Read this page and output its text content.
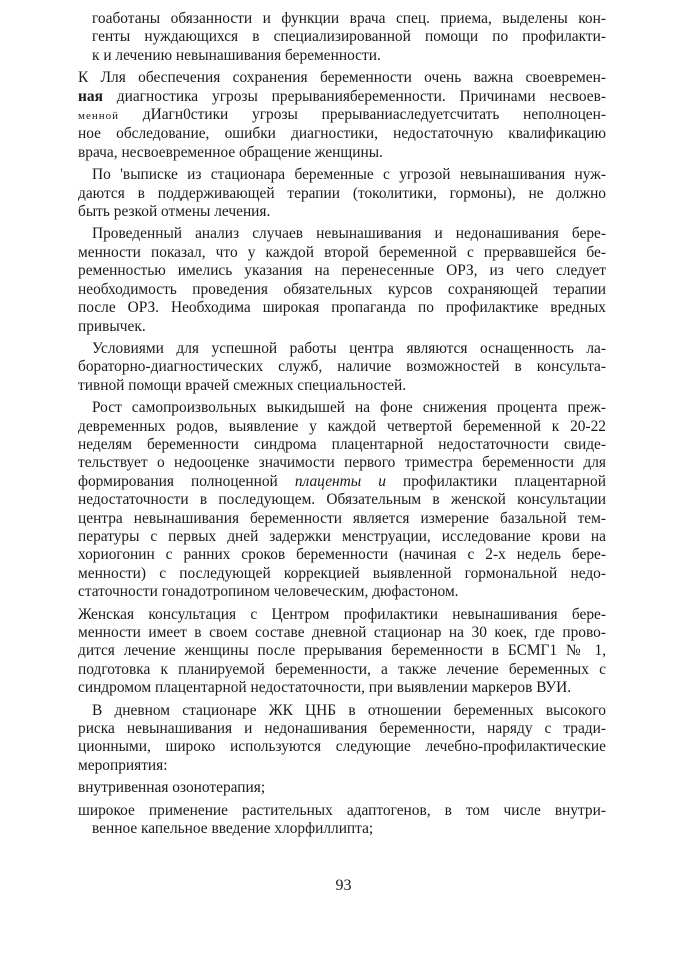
гоаботаны обязанности и функции врача спец. приема, выделены кон-
генты нуждающихся в специализированной помощи по профилакти-
к и лечению невынашивания беременности.
К Лля обеспечения сохранения беременности очень важна своевремен-
ная диагностика угрозы прерываниябеременности. Причинами несвоев-
менной дИагн0стики угрозы прерываниаследуетсчитать неполноцен-
ное обследование, ошибки диагностики, недостаточную квалификацию
врача, несвоевременное обращение женщины.
По 'выписке из стационара беременные с угрозой невынашивания нуж-
даются в поддерживающей терапии (токолитики, гормоны), не должно
быть резкой отмены лечения.
Проведенный анализ случаев невынашивания и недонашивания бере-
менности показал, что у каждой второй беременной с прервавшейся бе-
ременностью имелись указания на перенесенные ОРЗ, из чего следует
необходимость проведения обязательных курсов сохраняющей терапии
после ОРЗ. Необходима широкая пропаганда по профилактике вредных
привычек.
Условиями для успешной работы центра являются оснащенность ла-
бораторно-диагностических служб, наличие возможностей в консульта-
тивной помощи врачей смежных специальностей.
Рост самопроизвольных выкидышей на фоне снижения процента преж-
девременных родов, выявление у каждой четвертой беременной к 20-22
неделям беременности синдрома плацентарной недостаточности свиде-
тельствует о недооценке значимости первого триместра беременности для
формирования полноценной плаценты и профилактики плацентарной
недостаточности в последующем. Обязательным в женской консультации
центра невынашивания беременности является измерение базальной тем-
пературы с первых дней задержки менструации, исследование крови на
хориогонин с ранних сроков беременности (начиная с 2-х недель бере-
менности) с последующей коррекцией выявленной гормональной недо-
статочности гонадотропином человеческим, дюфастоном.
Женская консультация с Центром профилактики невынашивания бере-
менности имеет в своем составе дневной стационар на 30 коек, где прово-
дится лечение женщины после прерывания беременности в БСМГ1 № 1,
подготовка к планируемой беременности, а также лечение беременных с
синдромом плацентарной недостаточности, при выявлении маркеров ВУИ.
В дневном стационаре ЖК ЦНБ в отношении беременных высокого
риска невынашивания и недонашивания беременности, наряду с тради-
ционными, широко используются следующие лечебно-профилактические
мероприятия:
внутривенная озонотерапия;
широкое применение растительных адаптогенов, в том числе внутри-
венное капельное введение хлорфиллипта;
93
